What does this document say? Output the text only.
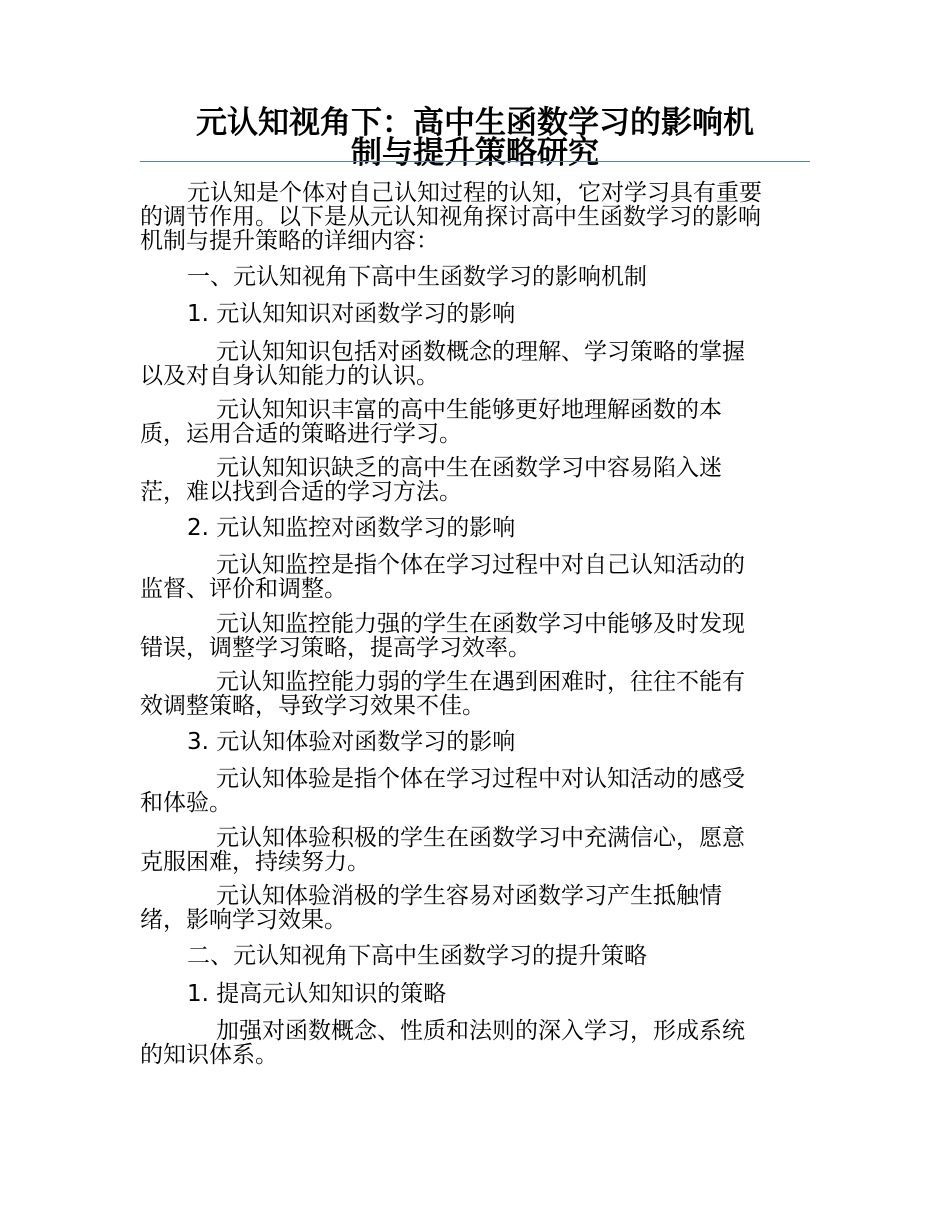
元认知视角下：高中生函数学习的影响机
制与提升策略研究
元认知是个体对自己认知过程的认知，它对学习具有重要
的调节作用。以下是从元认知视角探讨高中生函数学习的影响
机制与提升策略的详细内容：
一、元认知视角下高中生函数学习的影响机制
1. 元认知知识对函数学习的影响
元认知知识包括对函数概念的理解、学习策略的掌握
以及对自身认知能力的认识。
元认知知识丰富的高中生能够更好地理解函数的本
质，运用合适的策略进行学习。
元认知知识缺乏的高中生在函数学习中容易陷入迷
茫，难以找到合适的学习方法。
2. 元认知监控对函数学习的影响
元认知监控是指个体在学习过程中对自己认知活动的
监督、评价和调整。
元认知监控能力强的学生在函数学习中能够及时发现
错误，调整学习策略，提高学习效率。
元认知监控能力弱的学生在遇到困难时，往往不能有
效调整策略，导致学习效果不佳。
3. 元认知体验对函数学习的影响
元认知体验是指个体在学习过程中对认知活动的感受
和体验。
元认知体验积极的学生在函数学习中充满信心，愿意
克服困难，持续努力。
元认知体验消极的学生容易对函数学习产生抵触情
绪，影响学习效果。
二、元认知视角下高中生函数学习的提升策略
1. 提高元认知知识的策略
加强对函数概念、性质和法则的深入学习，形成系统
的知识体系。
